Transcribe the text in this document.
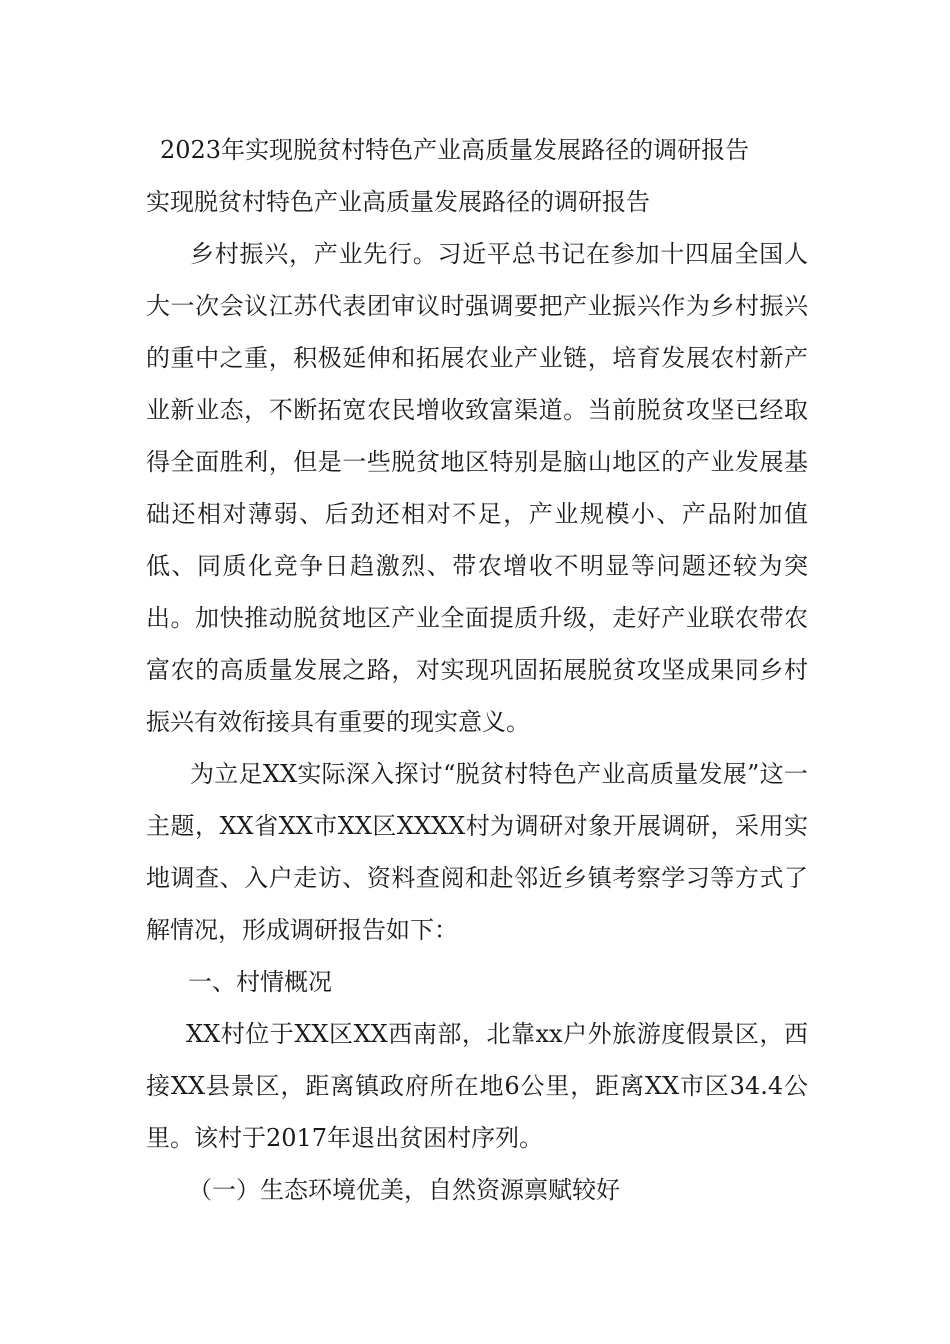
2023年实现脱贫村特色产业高质量发展路径的调研报告
实现脱贫村特色产业高质量发展路径的调研报告

乡村振兴，产业先行。习近平总书记在参加十四届全国人大一次会议江苏代表团审议时强调要把产业振兴作为乡村振兴的重中之重，积极延伸和拓展农业产业链，培育发展农村新产业新业态，不断拓宽农民增收致富渠道。当前脱贫攻坚已经取得全面胜利，但是一些脱贫地区特别是脑山地区的产业发展基础还相对薄弱、后劲还相对不足，产业规模小、产品附加值低、同质化竞争日趋激烈、带农增收不明显等问题还较为突出。加快推动脱贫地区产业全面提质升级，走好产业联农带农富农的高质量发展之路，对实现巩固拓展脱贫攻坚成果同乡村振兴有效衔接具有重要的现实意义。

为立足XX实际深入探讨“脱贫村特色产业高质量发展”这一主题，XX省XX市XX区XXXX村为调研对象开展调研，采用实地调查、入户走访、资料查阅和赴邻近乡镇考察学习等方式了解情况，形成调研报告如下：

一、村情概况

XX村位于XX区XX西南部，北靠xx户外旅游度假景区，西接XX县景区，距离镇政府所在地6公里，距离XX市区34.4公里。该村于2017年退出贫困村序列。

（一）生态环境优美，自然资源禀赋较好
